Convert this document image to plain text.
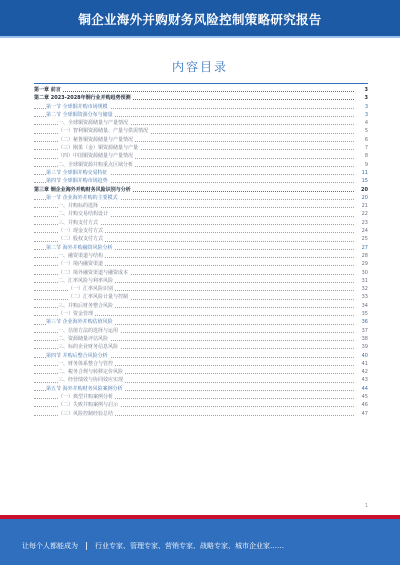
铜企业海外并购财务风险控制策略研究报告
内容目录
第一章 前言	3
第二章 2023-2028年铜行业并购趋势预测	3
第一节 全球铜并购市场规模	3
第二节 全球铜资源分布与储量	3
一、全球铜资源储量与产量情况	4
（一）智利铜资源储量、产量与供需情况	5
（二）秘鲁铜资源储量与产量情况	6
（三）刚果（金）铜资源储量与产量	7
（四）中国铜资源储量与产量情况	8
二、全球铜资源并购重点区域分析	9
第三节 全球铜并购交易特征	11
第四节 全球铜并购市场趋势	15
第三章 铜企业海外并购财务风险识别与分析	20
第一节 企业海外并购的主要模式	20
一、并购标的选择	21
二、并购交易结构设计	22
三、并购支付方式	23
（一）现金支付方式	24
（二）股权支付方式	25
第二节 海外并购融资风险分析	27
一、融资渠道与结构	28
（一）境内融资渠道	29
（二）境外融资渠道与融资成本	30
二、汇率风险与利率风险	31
（一）汇率风险识别	32
（二）汇率风险计量与控制	33
三、并购后财务整合风险	34
（一）资金管理	35
第三节 企业海外并购估值风险	36
一、估值方法的选择与运用	37
二、资源储量评估风险	38
三、标的企业财务信息风险	39
第四节 并购后整合风险分析	40
一、财务体系整合与管控	41
二、税务合规与转移定价风险	42
三、经营绩效与协同效应实现	43
第五节 海外并购财务风险案例分析	44
（一）典型并购案例分析	45
（二）失败并购案例与启示	46
（三）风险控制经验总结	47
1
让每个人都能成为 行业专家、管理专家、营销专家、战略专家、城市企业家……
